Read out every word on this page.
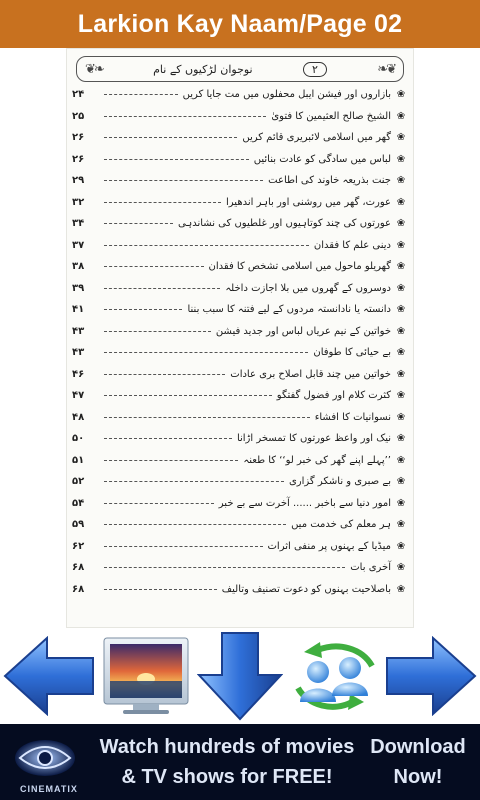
Larkion Kay Naam/Page 02
❦❧	نوجوان لڑکیوں کے نام	۲	❧❦
❀
بازاروں اور فیشن ایبل محفلوں میں مت جایا کریں
۲۴
❀
الشیخ صالح العثیمین کا فتویٰ
۲۵
❀
گھر میں اسلامی لائبریری قائم کریں
۲۶
❀
لباس میں سادگی کو عادت بنائیں
۲۶
❀
جنت بذریعہ خاوند کی اطاعت
۲۹
❀
عورت، گھر میں روشنی اور باہر اندھیرا
۳۲
❀
عورتوں کی چند کوتاہیوں اور غلطیوں کی نشاندہی
۳۴
❀
دینی علم کا فقدان
۳۷
❀
گھریلو ماحول میں اسلامی تشخص کا فقدان
۳۸
❀
دوسروں کے گھروں میں بلا اجازت داخلہ
۳۹
❀
دانستہ یا نادانستہ مردوں کے لیے فتنہ کا سبب بننا
۴۱
❀
خواتین کے نیم عریاں لباس اور جدید فیشن
۴۳
❀
بے حیائی کا طوفان
۴۳
❀
خواتین میں چند قابل اصلاح بری عادات
۴۶
❀
کثرت کلام اور فضول گفتگو
۴۷
❀
نسوانیات کا افشاء
۴۸
❀
نیک اور واعظ عورتوں کا تمسخر اڑانا
۵۰
❀
’’پہلے اپنے گھر کی خبر لو‘‘ کا طعنہ
۵۱
❀
بے صبری و ناشکر گزاری
۵۲
❀
امور دنیا سے باخبر ...... آخرت سے بے خبر
۵۴
❀
ہر معلم کی خدمت میں
۵۹
❀
میڈیا کے بہنوں پر منفی اثرات
۶۲
❀
آخری بات
۶۸
❀
باصلاحیت بہنوں کو دعوت تصنیف وتالیف
۶۸
CINEMATIX
Watch hundreds of movies
& TV shows for FREE!
Download
Now!
